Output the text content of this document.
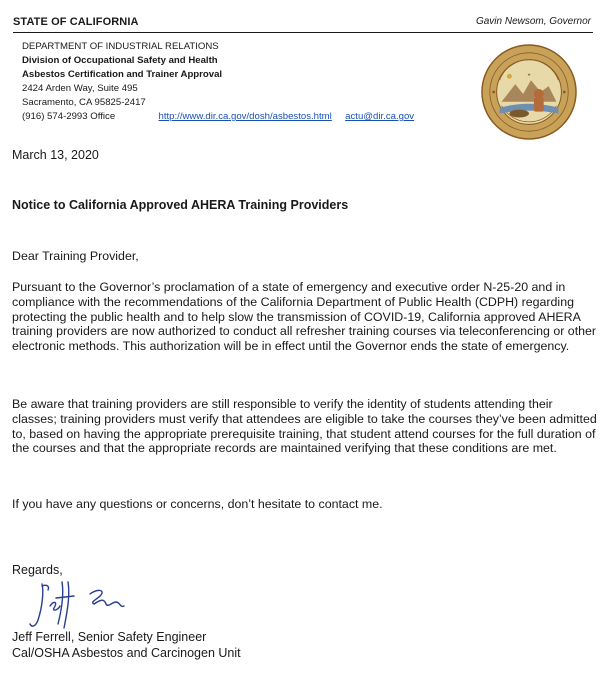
STATE OF CALIFORNIA	Gavin Newsom, Governor
DEPARTMENT OF INDUSTRIAL RELATIONS
Division of Occupational Safety and Health
Asbestos Certification and Trainer Approval
2424 Arden Way, Suite 495
Sacramento, CA 95825-2417
(916) 574-2993 Office	http://www.dir.ca.gov/dosh/asbestos.html actu@dir.ca.gov
✦
March 13, 2020
Notice to California Approved AHERA Training Providers
Dear Training Provider,
Pursuant to the Governor’s proclamation of a state of emergency and executive order N-25-20 and in compliance with the recommendations of the California Department of Public Health (CDPH) regarding protecting the public health and to help slow the transmission of COVID-19, California approved AHERA training providers are now authorized to conduct all refresher training courses via teleconferencing or other electronic methods. This authorization will be in effect until the Governor ends the state of emergency.
Be aware that training providers are still responsible to verify the identity of students attending their classes; training providers must verify that attendees are eligible to take the courses they’ve been admitted to, based on having the appropriate prerequisite training, that student attend courses for the full duration of the courses and that the appropriate records are maintained verifying that these conditions are met.
If you have any questions or concerns, don’t hesitate to contact me.
Regards,
Jeff Ferrell, Senior Safety Engineer
Cal/OSHA Asbestos and Carcinogen Unit
